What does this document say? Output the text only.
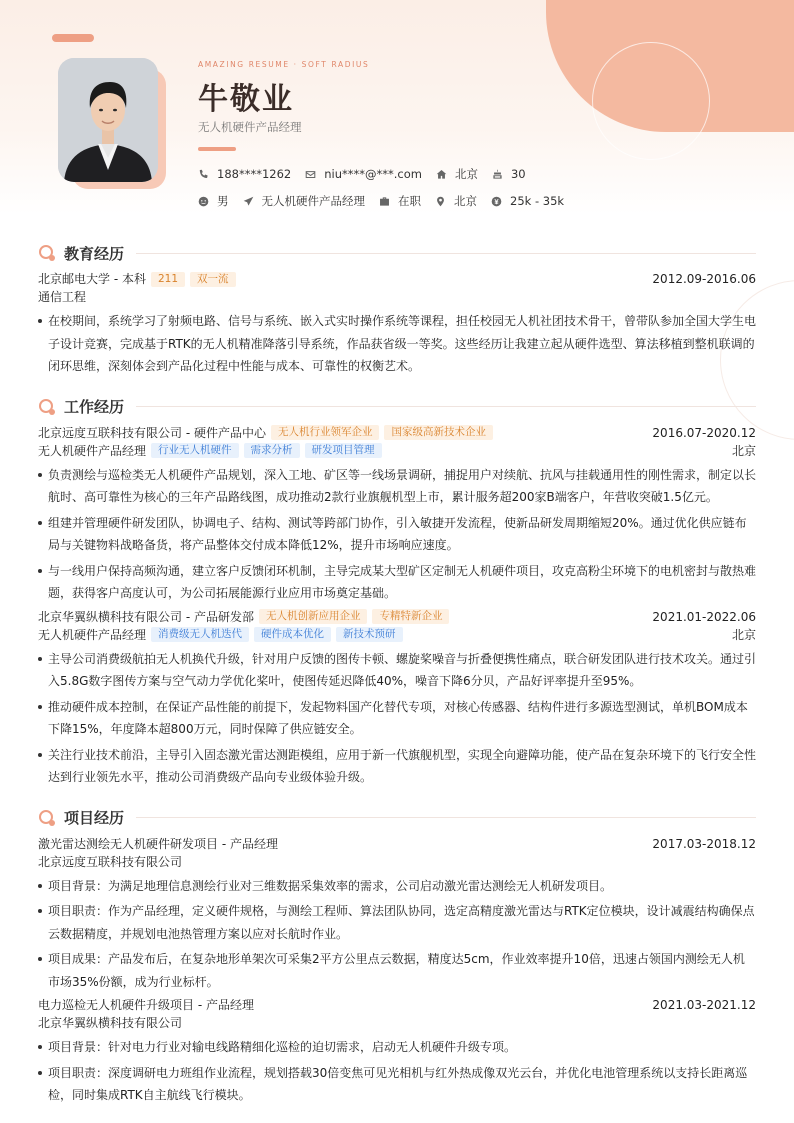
AMAZING RESUME · SOFT RADIUS
牛敬业
无人机硬件产品经理
188****1262	niu****@***.com	北京	30
男	无人机硬件产品经理	在职	北京	25k - 35k
教育经历
北京邮电大学 - 本科	211	双一流	2012.09-2016.06
通信工程
在校期间，系统学习了射频电路、信号与系统、嵌入式实时操作系统等课程，担任校园无人机社团技术骨干，曾带队参加全国大学生电子设计竞赛，完成基于RTK的无人机精准降落引导系统，作品获省级一等奖。这些经历让我建立起从硬件选型、算法移植到整机联调的闭环思维，深刻体会到产品化过程中性能与成本、可靠性的权衡艺术。
工作经历
北京远度互联科技有限公司 - 硬件产品中心	无人机行业领军企业	国家级高新技术企业	2016.07-2020.12
无人机硬件产品经理	行业无人机硬件	需求分析	研发项目管理	北京
负责测绘与巡检类无人机硬件产品规划，深入工地、矿区等一线场景调研，捕捉用户对续航、抗风与挂载通用性的刚性需求，制定以长航时、高可靠性为核心的三年产品路线图，成功推动2款行业旗舰机型上市，累计服务超200家B端客户，年营收突破1.5亿元。
组建并管理硬件研发团队，协调电子、结构、测试等跨部门协作，引入敏捷开发流程，使新品研发周期缩短20%。通过优化供应链布局与关键物料战略备货，将产品整体交付成本降低12%，提升市场响应速度。
与一线用户保持高频沟通，建立客户反馈闭环机制，主导完成某大型矿区定制无人机硬件项目，攻克高粉尘环境下的电机密封与散热难题，获得客户高度认可，为公司拓展能源行业应用市场奠定基础。
北京华翼纵横科技有限公司 - 产品研发部	无人机创新应用企业	专精特新企业	2021.01-2022.06
无人机硬件产品经理	消费级无人机迭代	硬件成本优化	新技术预研	北京
主导公司消费级航拍无人机换代升级，针对用户反馈的图传卡顿、螺旋桨噪音与折叠便携性痛点，联合研发团队进行技术攻关。通过引入5.8G数字图传方案与空气动力学优化桨叶，使图传延迟降低40%，噪音下降6分贝，产品好评率提升至95%。
推动硬件成本控制，在保证产品性能的前提下，发起物料国产化替代专项，对核心传感器、结构件进行多源选型测试，单机BOM成本下降15%，年度降本超800万元，同时保障了供应链安全。
关注行业技术前沿，主导引入固态激光雷达测距模组，应用于新一代旗舰机型，实现全向避障功能，使产品在复杂环境下的飞行安全性达到行业领先水平，推动公司消费级产品向专业级体验升级。
项目经历
激光雷达测绘无人机硬件研发项目 - 产品经理	2017.03-2018.12
北京远度互联科技有限公司
项目背景：为满足地理信息测绘行业对三维数据采集效率的需求，公司启动激光雷达测绘无人机研发项目。
项目职责：作为产品经理，定义硬件规格，与测绘工程师、算法团队协同，选定高精度激光雷达与RTK定位模块，设计减震结构确保点云数据精度，并规划电池热管理方案以应对长航时作业。
项目成果：产品发布后，在复杂地形单架次可采集2平方公里点云数据，精度达5cm，作业效率提升10倍，迅速占领国内测绘无人机市场35%份额，成为行业标杆。
电力巡检无人机硬件升级项目 - 产品经理	2021.03-2021.12
北京华翼纵横科技有限公司
项目背景：针对电力行业对输电线路精细化巡检的迫切需求，启动无人机硬件升级专项。
项目职责：深度调研电力班组作业流程，规划搭载30倍变焦可见光相机与红外热成像双光云台，并优化电池管理系统以支持长距离巡检，同时集成RTK自主航线飞行模块。
